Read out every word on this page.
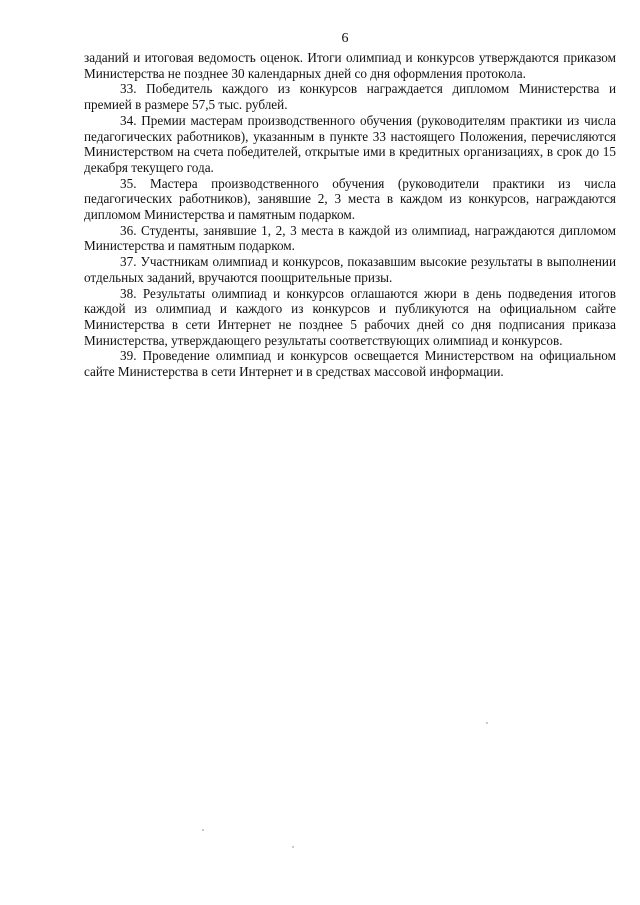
6

заданий и итоговая ведомость оценок. Итоги олимпиад и конкурсов утверждаются приказом Министерства не позднее 30 календарных дней со дня оформления протокола.

33. Победитель каждого из конкурсов награждается дипломом Министерства и премией в размере 57,5 тыс. рублей.

34. Премии мастерам производственного обучения (руководителям практики из числа педагогических работников), указанным в пункте 33 настоящего Положения, перечисляются Министерством на счета победителей, открытые ими в кредитных организациях, в срок до 15 декабря текущего года.

35. Мастера производственного обучения (руководители практики из числа педагогических работников), занявшие 2, 3 места в каждом из конкурсов, награждаются дипломом Министерства и памятным подарком.

36. Студенты, занявшие 1, 2, 3 места в каждой из олимпиад, награждаются дипломом Министерства и памятным подарком.

37. Участникам олимпиад и конкурсов, показавшим высокие результаты в выполнении отдельных заданий, вручаются поощрительные призы.

38. Результаты олимпиад и конкурсов оглашаются жюри в день подведения итогов каждой из олимпиад и каждого из конкурсов и публикуются на официальном сайте Министерства в сети Интернет не позднее 5 рабочих дней со дня подписания приказа Министерства, утверждающего результаты соответствующих олимпиад и конкурсов.

39. Проведение олимпиад и конкурсов освещается Министерством на официальном сайте Министерства в сети Интернет и в средствах массовой информации.
